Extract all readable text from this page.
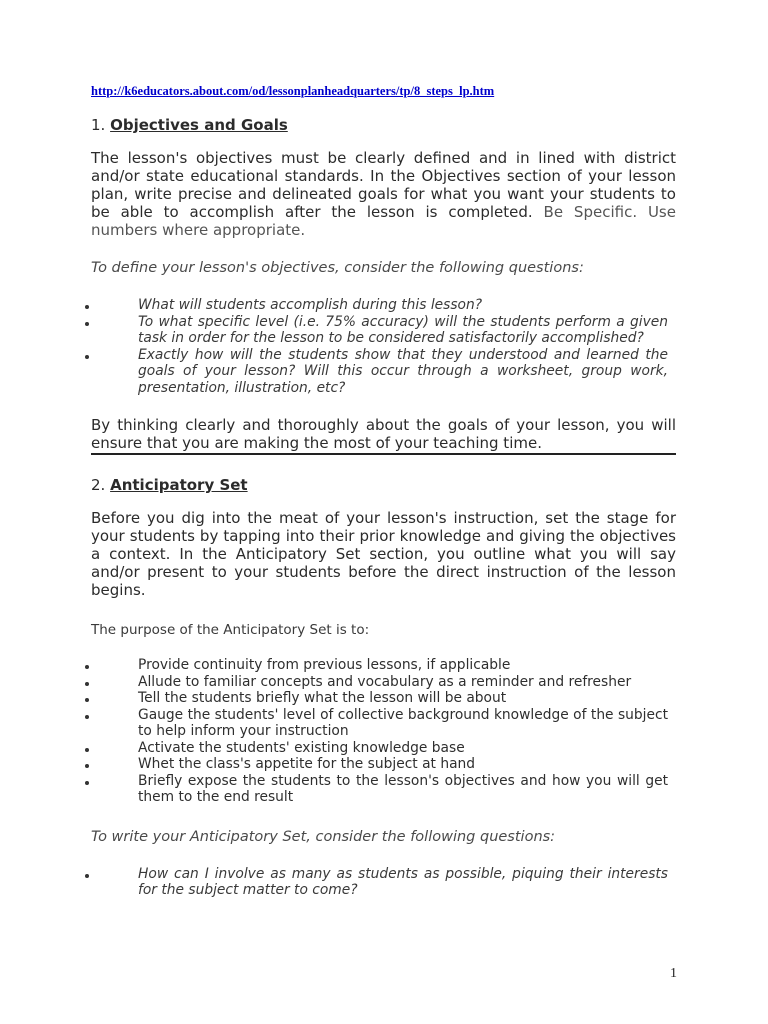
http://k6educators.about.com/od/lessonplanheadquarters/tp/8_steps_lp.htm
1. Objectives and Goals

The lesson's objectives must be clearly defined and in lined with district and/or state educational standards. In the Objectives section of your lesson plan, write precise and delineated goals for what you want your students to be able to accomplish after the lesson is completed. Be Specific. Use numbers where appropriate.

To define your lesson's objectives, consider the following questions:

What will students accomplish during this lesson?
To what specific level (i.e. 75% accuracy) will the students perform a given task in order for the lesson to be considered satisfactorily accomplished?
Exactly how will the students show that they understood and learned the goals of your lesson? Will this occur through a worksheet, group work, presentation, illustration, etc?

By thinking clearly and thoroughly about the goals of your lesson, you will ensure that you are making the most of your teaching time.

2. Anticipatory Set

Before you dig into the meat of your lesson's instruction, set the stage for your students by tapping into their prior knowledge and giving the objectives a context. In the Anticipatory Set section, you outline what you will say and/or present to your students before the direct instruction of the lesson begins.

The purpose of the Anticipatory Set is to:

Provide continuity from previous lessons, if applicable
Allude to familiar concepts and vocabulary as a reminder and refresher
Tell the students briefly what the lesson will be about
Gauge the students' level of collective background knowledge of the subject to help inform your instruction
Activate the students' existing knowledge base
Whet the class's appetite for the subject at hand
Briefly expose the students to the lesson's objectives and how you will get them to the end result

To write your Anticipatory Set, consider the following questions:

How can I involve as many as students as possible, piquing their interests for the subject matter to come?
1
